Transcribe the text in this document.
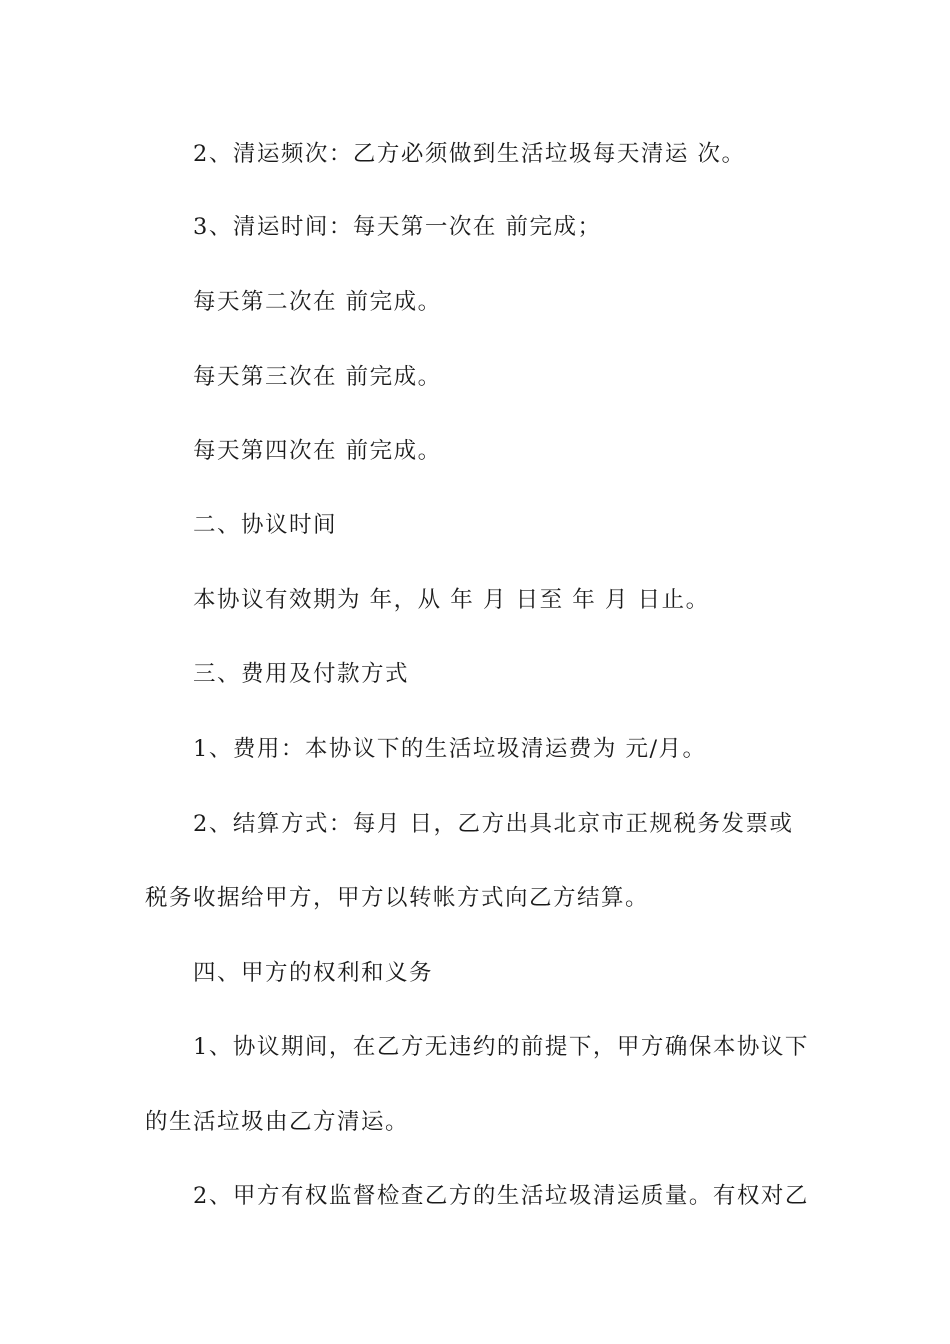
2、清运频次：乙方必须做到生活垃圾每天清运 次。
3、清运时间：每天第一次在 前完成；
每天第二次在 前完成。
每天第三次在 前完成。
每天第四次在 前完成。
二、协议时间
本协议有效期为 年，从 年 月 日至 年 月 日止。
三、费用及付款方式
1、费用：本协议下的生活垃圾清运费为 元/月。
2、结算方式：每月 日，乙方出具北京市正规税务发票或
税务收据给甲方，甲方以转帐方式向乙方结算。
四、甲方的权利和义务
1、协议期间，在乙方无违约的前提下，甲方确保本协议下
的生活垃圾由乙方清运。
2、甲方有权监督检查乙方的生活垃圾清运质量。有权对乙
